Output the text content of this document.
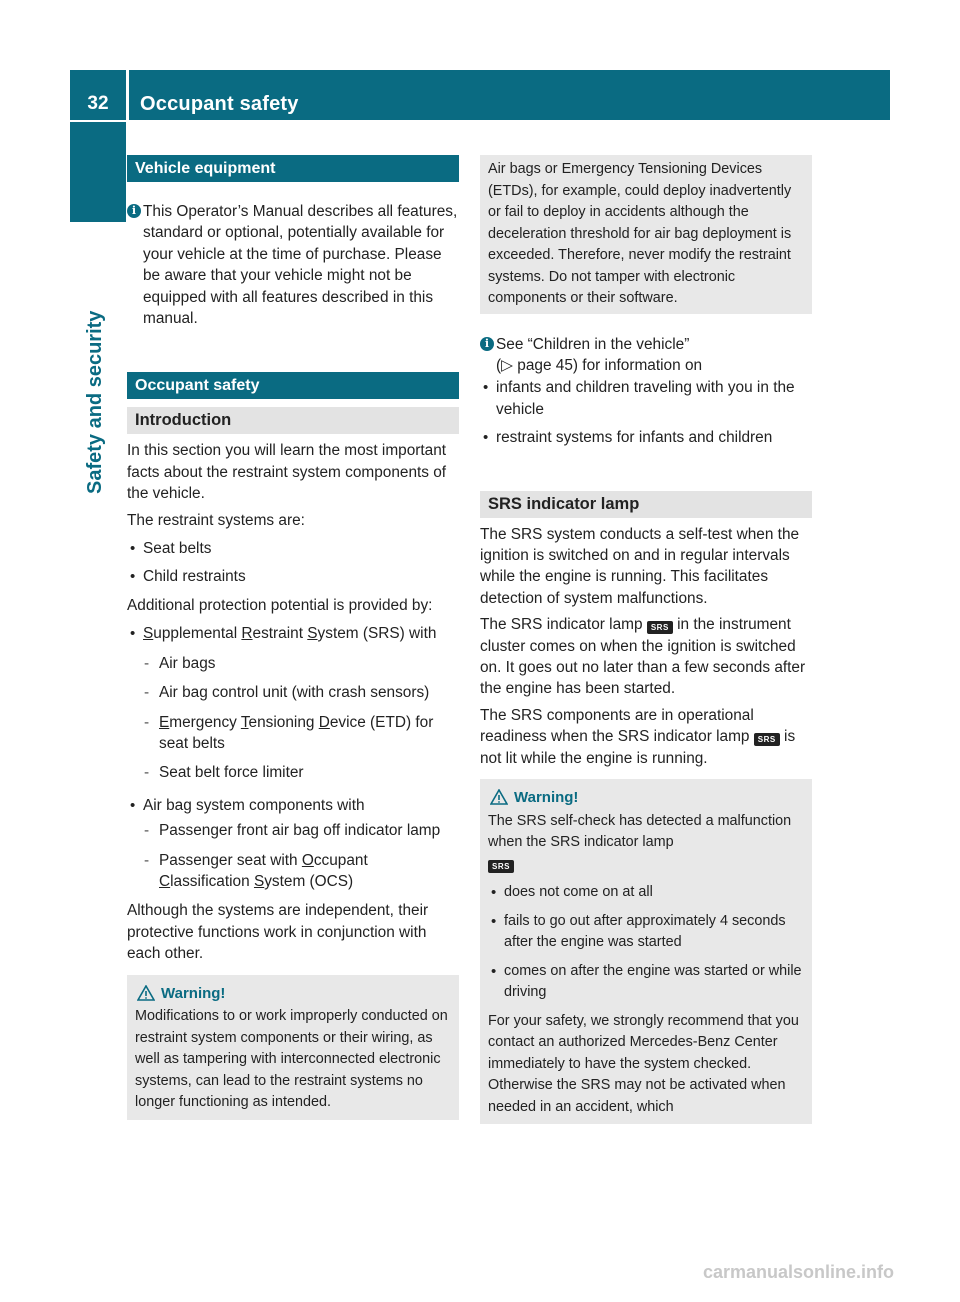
32	Occupant safety
Safety and security
Vehicle equipment

i This Operator’s Manual describes all features, standard or optional, potentially available for your vehicle at the time of purchase. Please be aware that your vehicle might not be equipped with all features described in this manual.

Occupant safety
Introduction

In this section you will learn the most important facts about the restraint system components of the vehicle.

The restraint systems are:

• Seat belts

• Child restraints

Additional protection potential is provided by:

• Supplemental Restraint System (SRS) with

- Air bags

- Air bag control unit (with crash sensors)

- Emergency Tensioning Device (ETD) for seat belts

- Seat belt force limiter

• Air bag system components with

- Passenger front air bag off indicator lamp

- Passenger seat with Occupant Classification System (OCS)

Although the systems are independent, their protective functions work in conjunction with each other.

Warning!

Modifications to or work improperly conducted on restraint system components or their wiring, as well as tampering with interconnected electronic systems, can lead to the restraint systems no longer functioning as intended.

Air bags or Emergency Tensioning Devices (ETDs), for example, could deploy inadvertently or fail to deploy in accidents although the deceleration threshold for air bag deployment is exceeded. Therefore, never modify the restraint systems. Do not tamper with electronic components or their software.

i See “Children in the vehicle”
(▷ page 45) for information on

• infants and children traveling with you in the vehicle

• restraint systems for infants and children

SRS indicator lamp

The SRS system conducts a self-test when the ignition is switched on and in regular intervals while the engine is running. This facilitates detection of system malfunctions.

The SRS indicator lamp SRS in the instrument cluster comes on when the ignition is switched on. It goes out no later than a few seconds after the engine has been started.

The SRS components are in operational readiness when the SRS indicator lamp SRS is not lit while the engine is running.

Warning!

The SRS self-check has detected a malfunction when the SRS indicator lamp
SRS

• does not come on at all

• fails to go out after approximately 4 seconds after the engine was started

• comes on after the engine was started or while driving

For your safety, we strongly recommend that you contact an authorized Mercedes-Benz Center immediately to have the system checked. Otherwise the SRS may not be activated when needed in an accident, which

carmanualsonline.info
